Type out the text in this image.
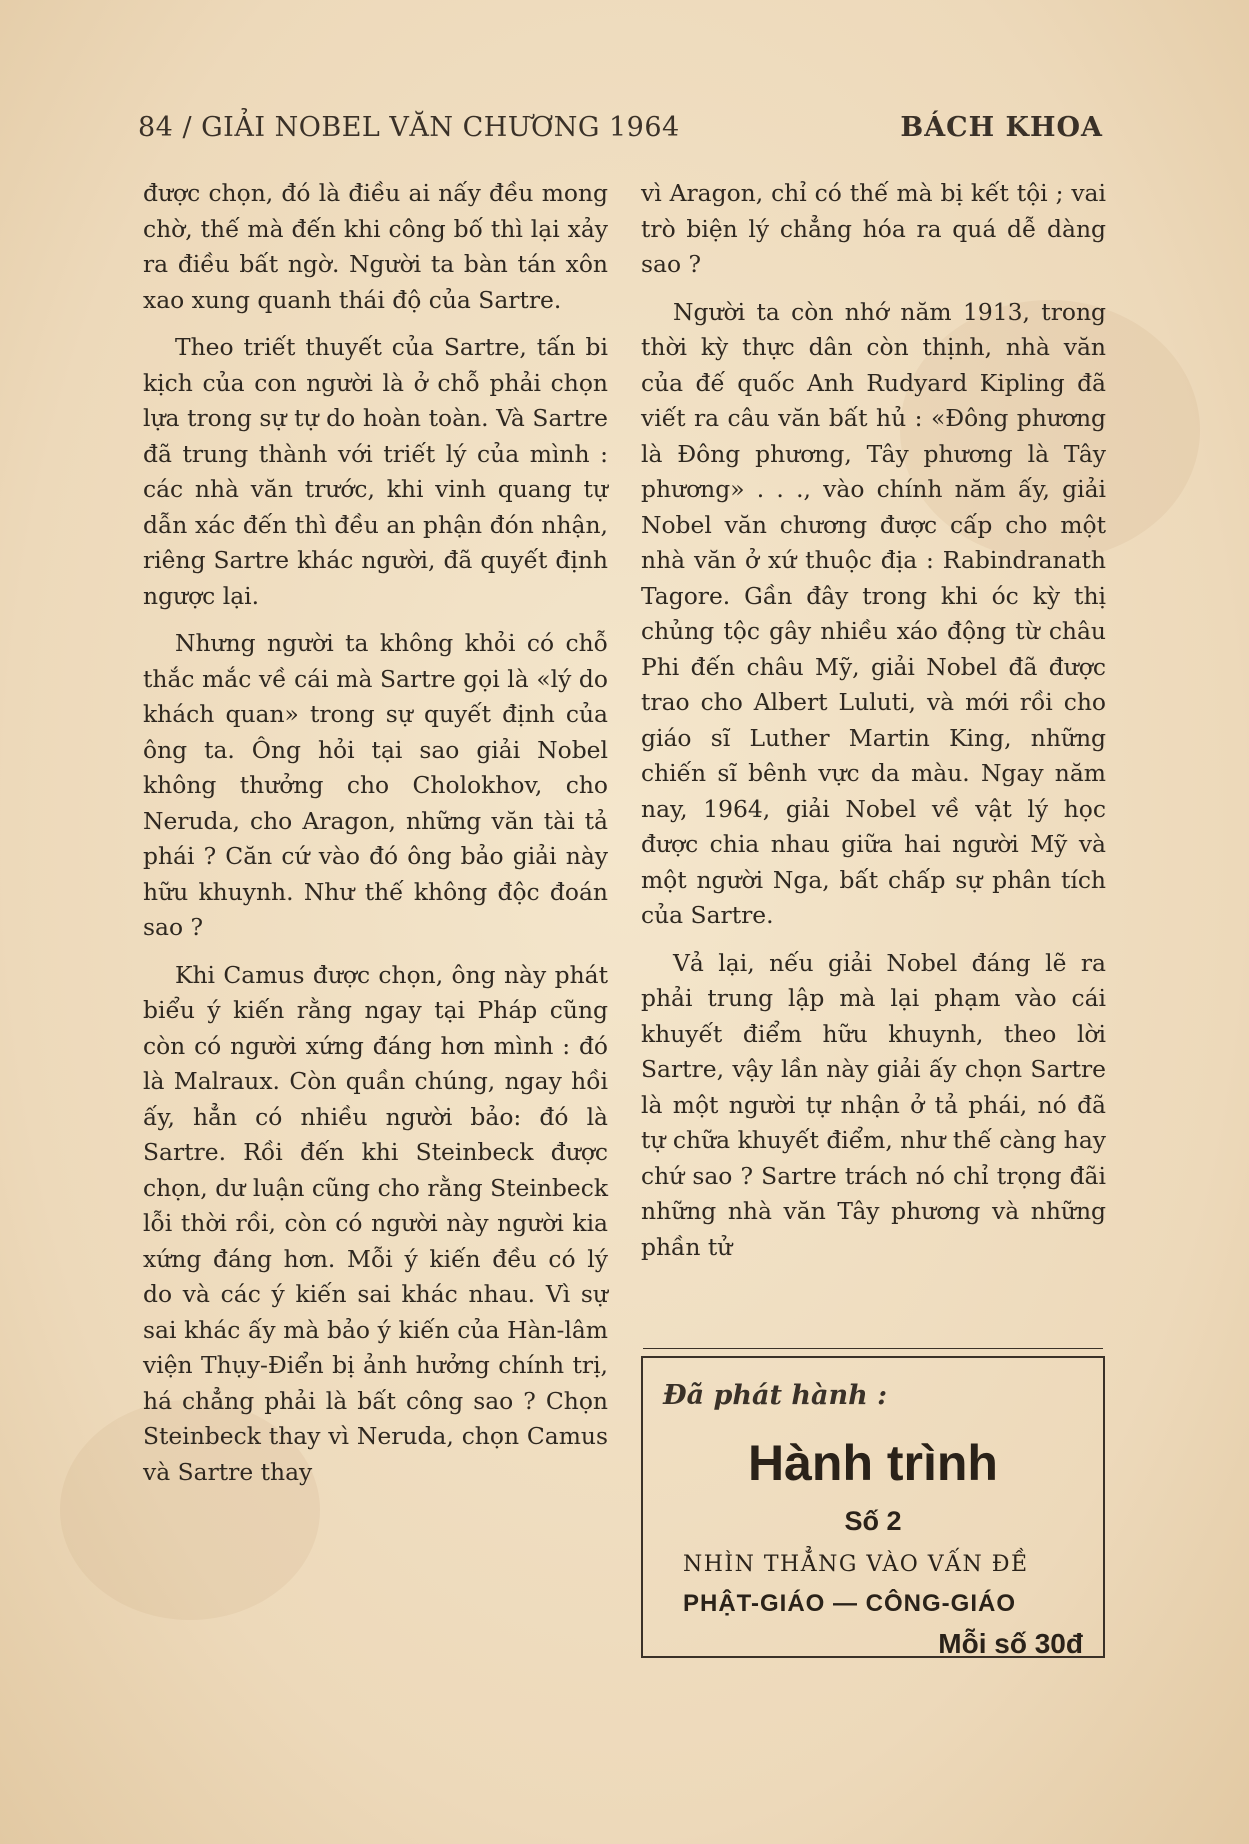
84 / GIẢI NOBEL VĂN CHƯƠNG 1964	BÁCH KHOA

được chọn, đó là điều ai nấy đều mong chờ, thế mà đến khi công bố thì lại xảy ra điều bất ngờ. Người ta bàn tán xôn xao xung quanh thái độ của Sartre.

Theo triết thuyết của Sartre, tấn bi kịch của con người là ở chỗ phải chọn lựa trong sự tự do hoàn toàn. Và Sartre đã trung thành với triết lý của mình : các nhà văn trước, khi vinh quang tự dẫn xác đến thì đều an phận đón nhận, riêng Sartre khác người, đã quyết định ngược lại.

Nhưng người ta không khỏi có chỗ thắc mắc về cái mà Sartre gọi là «lý do khách quan» trong sự quyết định của ông ta. Ông hỏi tại sao giải Nobel không thưởng cho Cholokhov, cho Neruda, cho Aragon, những văn tài tả phái ? Căn cứ vào đó ông bảo giải này hữu khuynh. Như thế không độc đoán sao ?

Khi Camus được chọn, ông này phát biểu ý kiến rằng ngay tại Pháp cũng còn có người xứng đáng hơn mình : đó là Malraux. Còn quần chúng, ngay hồi ấy, hẳn có nhiều người bảo: đó là Sartre. Rồi đến khi Steinbeck được chọn, dư luận cũng cho rằng Steinbeck lỗi thời rồi, còn có người này người kia xứng đáng hơn. Mỗi ý kiến đều có lý do và các ý kiến sai khác nhau. Vì sự sai khác ấy mà bảo ý kiến của Hàn-lâm viện Thụy-Điển bị ảnh hưởng chính trị, há chẳng phải là bất công sao ? Chọn Steinbeck thay vì Neruda, chọn Camus và Sartre thay

vì Aragon, chỉ có thế mà bị kết tội ; vai trò biện lý chẳng hóa ra quá dễ dàng sao ?

Người ta còn nhớ năm 1913, trong thời kỳ thực dân còn thịnh, nhà văn của đế quốc Anh Rudyard Kipling đã viết ra câu văn bất hủ : «Đông phương là Đông phương, Tây phương là Tây phương» . . ., vào chính năm ấy, giải Nobel văn chương được cấp cho một nhà văn ở xứ thuộc địa : Rabindranath Tagore. Gần đây trong khi óc kỳ thị chủng tộc gây nhiều xáo động từ châu Phi đến châu Mỹ, giải Nobel đã được trao cho Albert Luluti, và mới rồi cho giáo sĩ Luther Martin King, những chiến sĩ bênh vực da màu. Ngay năm nay, 1964, giải Nobel về vật lý học được chia nhau giữa hai người Mỹ và một người Nga, bất chấp sự phân tích của Sartre.

Vả lại, nếu giải Nobel đáng lẽ ra phải trung lập mà lại phạm vào cái khuyết điểm hữu khuynh, theo lời Sartre, vậy lần này giải ấy chọn Sartre là một người tự nhận ở tả phái, nó đã tự chữa khuyết điểm, như thế càng hay chứ sao ? Sartre trách nó chỉ trọng đãi những nhà văn Tây phương và những phần tử

Đã phát hành :
Hành trình
Số 2
NHÌN THẲNG VÀO VẤN ĐỀ
PHẬT-GIÁO — CÔNG-GIÁO
Mỗi số 30đ
